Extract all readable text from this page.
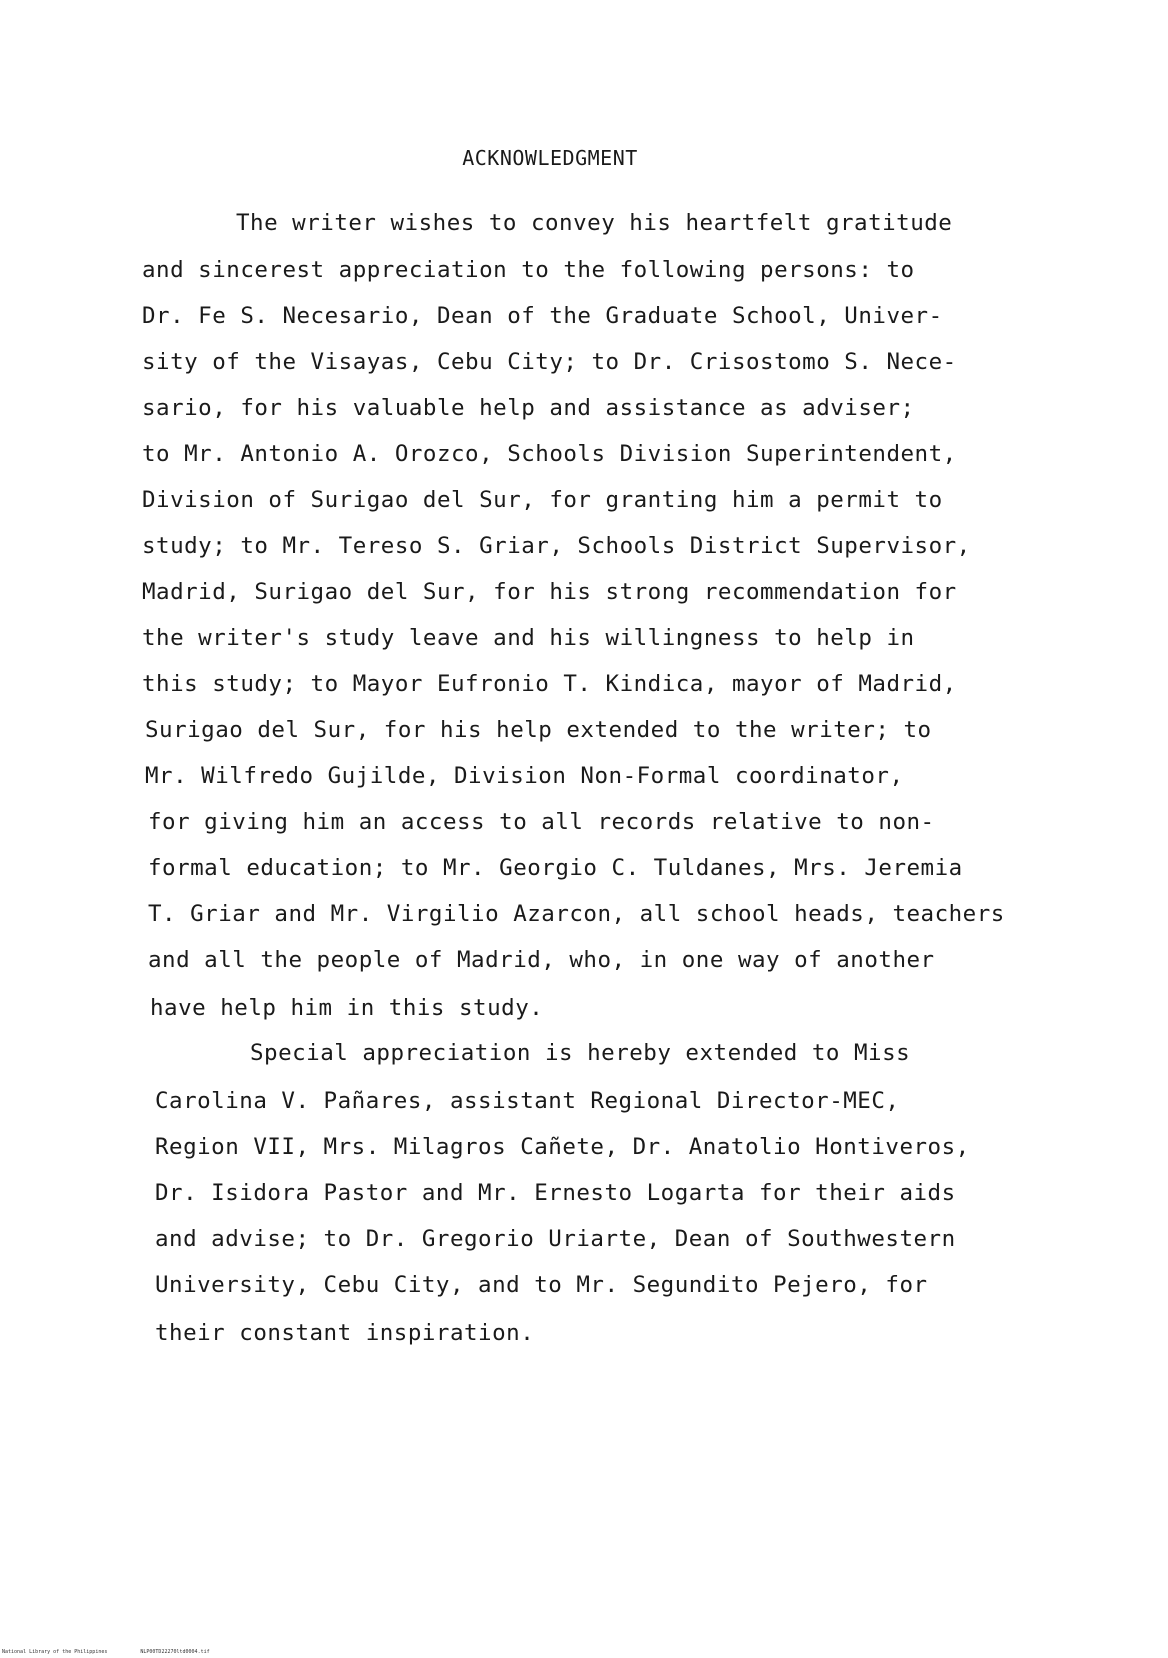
ACKNOWLEDGMENT
The writer wishes to convey his heartfelt gratitude
and sincerest appreciation to the following persons: to
Dr. Fe S. Necesario, Dean of the Graduate School, Univer-
sity of the Visayas, Cebu City; to Dr. Crisostomo S. Nece-
sario, for his valuable help and assistance as adviser;
to Mr. Antonio A. Orozco, Schools Division Superintendent,
Division of Surigao del Sur, for granting him a permit to
study; to Mr. Tereso S. Griar, Schools District Supervisor,
Madrid, Surigao del Sur, for his strong recommendation for
the writer's study leave and his willingness to help in
this study; to Mayor Eufronio T. Kindica, mayor of Madrid,
Surigao del Sur, for his help extended to the writer; to
Mr. Wilfredo Gujilde, Division Non-Formal coordinator,
for giving him an access to all records relative to non-
formal education; to Mr. Georgio C. Tuldanes, Mrs. Jeremia
T. Griar and Mr. Virgilio Azarcon, all school heads, teachers
and all the people of Madrid, who, in one way of another
have help him in this study.
Special appreciation is hereby extended to Miss
Carolina V. Pañares, assistant Regional Director-MEC,
Region VII, Mrs. Milagros Cañete, Dr. Anatolio Hontiveros,
Dr. Isidora Pastor and Mr. Ernesto Logarta for their aids
and advise; to Dr. Gregorio Uriarte, Dean of Southwestern
University, Cebu City, and to Mr. Segundito Pejero, for
their constant inspiration.
National Library of the Philippines	NLP00TD22270ltd0004.tif
